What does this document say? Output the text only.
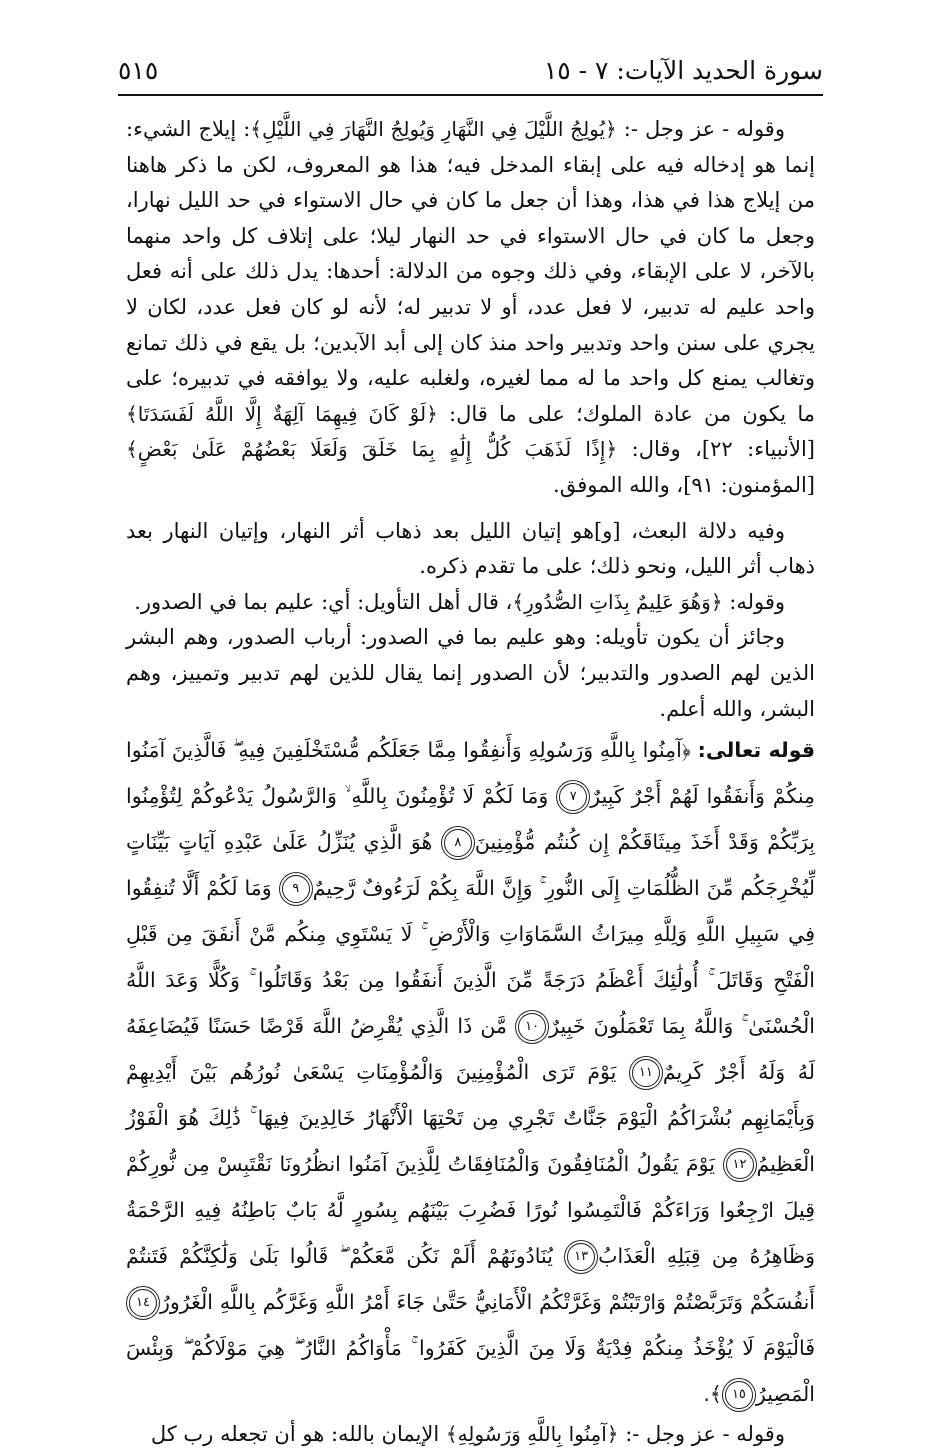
سورة الحديد الآيات: ٧ - ١٥
٥١٥

وقوله - عز وجل -: ﴿يُولِجُ اللَّيْلَ فِي النَّهَارِ وَيُولِجُ النَّهَارَ فِي اللَّيْلِ﴾: إيلاج الشيء: إنما هو إدخاله فيه على إبقاء المدخل فيه؛ هذا هو المعروف، لكن ما ذكر هاهنا من إيلاج هذا في هذا، وهذا أن جعل ما كان في حال الاستواء في حد الليل نهارا، وجعل ما كان في حال الاستواء في حد النهار ليلا؛ على إتلاف كل واحد منهما بالآخر، لا على الإبقاء، وفي ذلك وجوه من الدلالة: أحدها: يدل ذلك على أنه فعل واحد عليم له تدبير، لا فعل عدد، أو لا تدبير له؛ لأنه لو كان فعل عدد، لكان لا يجري على سنن واحد وتدبير واحد منذ كان إلى أبد الآبدين؛ بل يقع في ذلك تمانع وتغالب يمنع كل واحد ما له مما لغيره، ولغلبه عليه، ولا يوافقه في تدبيره؛ على ما يكون من عادة الملوك؛ على ما قال: ﴿لَوْ كَانَ فِيهِمَا آلِهَةٌ إِلَّا اللَّهُ لَفَسَدَتَا﴾ [الأنبياء: ٢٢]، وقال: ﴿إِذًا لَذَهَبَ كُلُّ إِلَٰهٍ بِمَا خَلَقَ وَلَعَلَا بَعْضُهُمْ عَلَىٰ بَعْضٍ﴾ [المؤمنون: ٩١]، والله الموفق.

وفيه دلالة البعث، [و]هو إتيان الليل بعد ذهاب أثر النهار، وإتيان النهار بعد ذهاب أثر الليل، ونحو ذلك؛ على ما تقدم ذكره.

وقوله: ﴿وَهُوَ عَلِيمٌ بِذَاتِ الصُّدُورِ﴾، قال أهل التأويل: أي: عليم بما في الصدور.

وجائز أن يكون تأويله: وهو عليم بما في الصدور: أرباب الصدور، وهم البشر الذين لهم الصدور والتدبير؛ لأن الصدور إنما يقال للذين لهم تدبير وتمييز، وهم البشر، والله أعلم.

قوله تعالى: ﴿آمِنُوا بِاللَّهِ وَرَسُولِهِ وَأَنفِقُوا مِمَّا جَعَلَكُم مُّسْتَخْلَفِينَ فِيهِ ۖ فَالَّذِينَ آمَنُوا مِنكُمْ وَأَنفَقُوا لَهُمْ أَجْرٌ كَبِيرٌ٧ وَمَا لَكُمْ لَا تُؤْمِنُونَ بِاللَّهِ ۙ وَالرَّسُولُ يَدْعُوكُمْ لِتُؤْمِنُوا بِرَبِّكُمْ وَقَدْ أَخَذَ مِيثَاقَكُمْ إِن كُنتُم مُّؤْمِنِينَ٨ هُوَ الَّذِي يُنَزِّلُ عَلَىٰ عَبْدِهِ آيَاتٍ بَيِّنَاتٍ لِّيُخْرِجَكُم مِّنَ الظُّلُمَاتِ إِلَى النُّورِ ۚ وَإِنَّ اللَّهَ بِكُمْ لَرَءُوفٌ رَّحِيمٌ٩ وَمَا لَكُمْ أَلَّا تُنفِقُوا فِي سَبِيلِ اللَّهِ وَلِلَّهِ مِيرَاثُ السَّمَاوَاتِ وَالْأَرْضِ ۚ لَا يَسْتَوِي مِنكُم مَّنْ أَنفَقَ مِن قَبْلِ الْفَتْحِ وَقَاتَلَ ۚ أُولَٰئِكَ أَعْظَمُ دَرَجَةً مِّنَ الَّذِينَ أَنفَقُوا مِن بَعْدُ وَقَاتَلُوا ۚ وَكُلًّا وَعَدَ اللَّهُ الْحُسْنَىٰ ۚ وَاللَّهُ بِمَا تَعْمَلُونَ خَبِيرٌ١٠ مَّن ذَا الَّذِي يُقْرِضُ اللَّهَ قَرْضًا حَسَنًا فَيُضَاعِفَهُ لَهُ وَلَهُ أَجْرٌ كَرِيمٌ١١ يَوْمَ تَرَى الْمُؤْمِنِينَ وَالْمُؤْمِنَاتِ يَسْعَىٰ نُورُهُم بَيْنَ أَيْدِيهِمْ وَبِأَيْمَانِهِم بُشْرَاكُمُ الْيَوْمَ جَنَّاتٌ تَجْرِي مِن تَحْتِهَا الْأَنْهَارُ خَالِدِينَ فِيهَا ۚ ذَٰلِكَ هُوَ الْفَوْزُ الْعَظِيمُ١٢ يَوْمَ يَقُولُ الْمُنَافِقُونَ وَالْمُنَافِقَاتُ لِلَّذِينَ آمَنُوا انظُرُونَا نَقْتَبِسْ مِن نُّورِكُمْ قِيلَ ارْجِعُوا وَرَاءَكُمْ فَالْتَمِسُوا نُورًا فَضُرِبَ بَيْنَهُم بِسُورٍ لَّهُ بَابٌ بَاطِنُهُ فِيهِ الرَّحْمَةُ وَظَاهِرُهُ مِن قِبَلِهِ الْعَذَابُ١٣ يُنَادُونَهُمْ أَلَمْ نَكُن مَّعَكُمْ ۖ قَالُوا بَلَىٰ وَلَٰكِنَّكُمْ فَتَنتُمْ أَنفُسَكُمْ وَتَرَبَّصْتُمْ وَارْتَبْتُمْ وَغَرَّتْكُمُ الْأَمَانِيُّ حَتَّىٰ جَاءَ أَمْرُ اللَّهِ وَغَرَّكُم بِاللَّهِ الْغَرُورُ١٤ فَالْيَوْمَ لَا يُؤْخَذُ مِنكُمْ فِدْيَةٌ وَلَا مِنَ الَّذِينَ كَفَرُوا ۚ مَأْوَاكُمُ النَّارُ ۖ هِيَ مَوْلَاكُمْ ۖ وَبِئْسَ الْمَصِيرُ١٥﴾.

وقوله - عز وجل -: ﴿آمِنُوا بِاللَّهِ وَرَسُولِهِ﴾ الإيمان بالله: هو أن تجعله رب كل
